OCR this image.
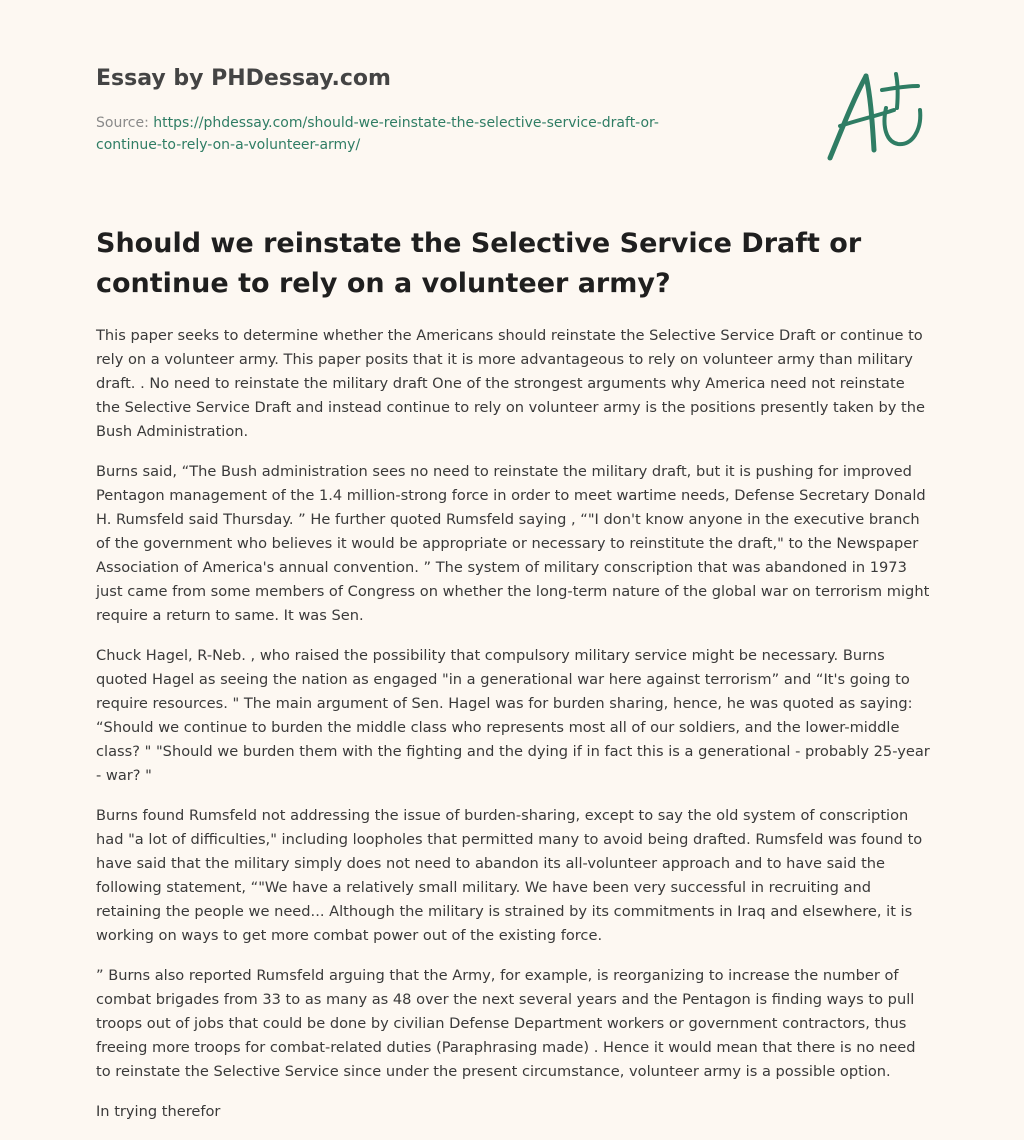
Essay by PHDessay.com
Source: https://phdessay.com/should-we-reinstate-the-selective-service-draft-or-continue-to-rely-on-a-volunteer-army/
Should we reinstate the Selective Service Draft or continue to rely on a volunteer army?

This paper seeks to determine whether the Americans should reinstate the Selective Service Draft or continue to rely on a volunteer army. This paper posits that it is more advantageous to rely on volunteer army than military draft. . No need to reinstate the military draft One of the strongest arguments why America need not reinstate the Selective Service Draft and instead continue to rely on volunteer army is the positions presently taken by the Bush Administration.

Burns said, “The Bush administration sees no need to reinstate the military draft, but it is pushing for improved Pentagon management of the 1.4 million-strong force in order to meet wartime needs, Defense Secretary Donald H. Rumsfeld said Thursday. ” He further quoted Rumsfeld saying , “"I don't know anyone in the executive branch of the government who believes it would be appropriate or necessary to reinstitute the draft," to the Newspaper Association of America's annual convention. ” The system of military conscription that was abandoned in 1973 just came from some members of Congress on whether the long-term nature of the global war on terrorism might require a return to same. It was Sen.

Chuck Hagel, R-Neb. , who raised the possibility that compulsory military service might be necessary. Burns quoted Hagel as seeing the nation as engaged "in a generational war here against terrorism” and “It's going to require resources. " The main argument of Sen. Hagel was for burden sharing, hence, he was quoted as saying: “Should we continue to burden the middle class who represents most all of our soldiers, and the lower-middle class? " "Should we burden them with the fighting and the dying if in fact this is a generational - probably 25-year - war? "

Burns found Rumsfeld not addressing the issue of burden-sharing, except to say the old system of conscription had "a lot of difficulties," including loopholes that permitted many to avoid being drafted. Rumsfeld was found to have said that the military simply does not need to abandon its all-volunteer approach and to have said the following statement, “"We have a relatively small military. We have been very successful in recruiting and retaining the people we need... Although the military is strained by its commitments in Iraq and elsewhere, it is working on ways to get more combat power out of the existing force.

” Burns also reported Rumsfeld arguing that the Army, for example, is reorganizing to increase the number of combat brigades from 33 to as many as 48 over the next several years and the Pentagon is finding ways to pull troops out of jobs that could be done by civilian Defense Department workers or government contractors, thus freeing more troops for combat-related duties (Paraphrasing made) . Hence it would mean that there is no need to reinstate the Selective Service since under the present circumstance, volunteer army is a possible option.

In trying therefor
